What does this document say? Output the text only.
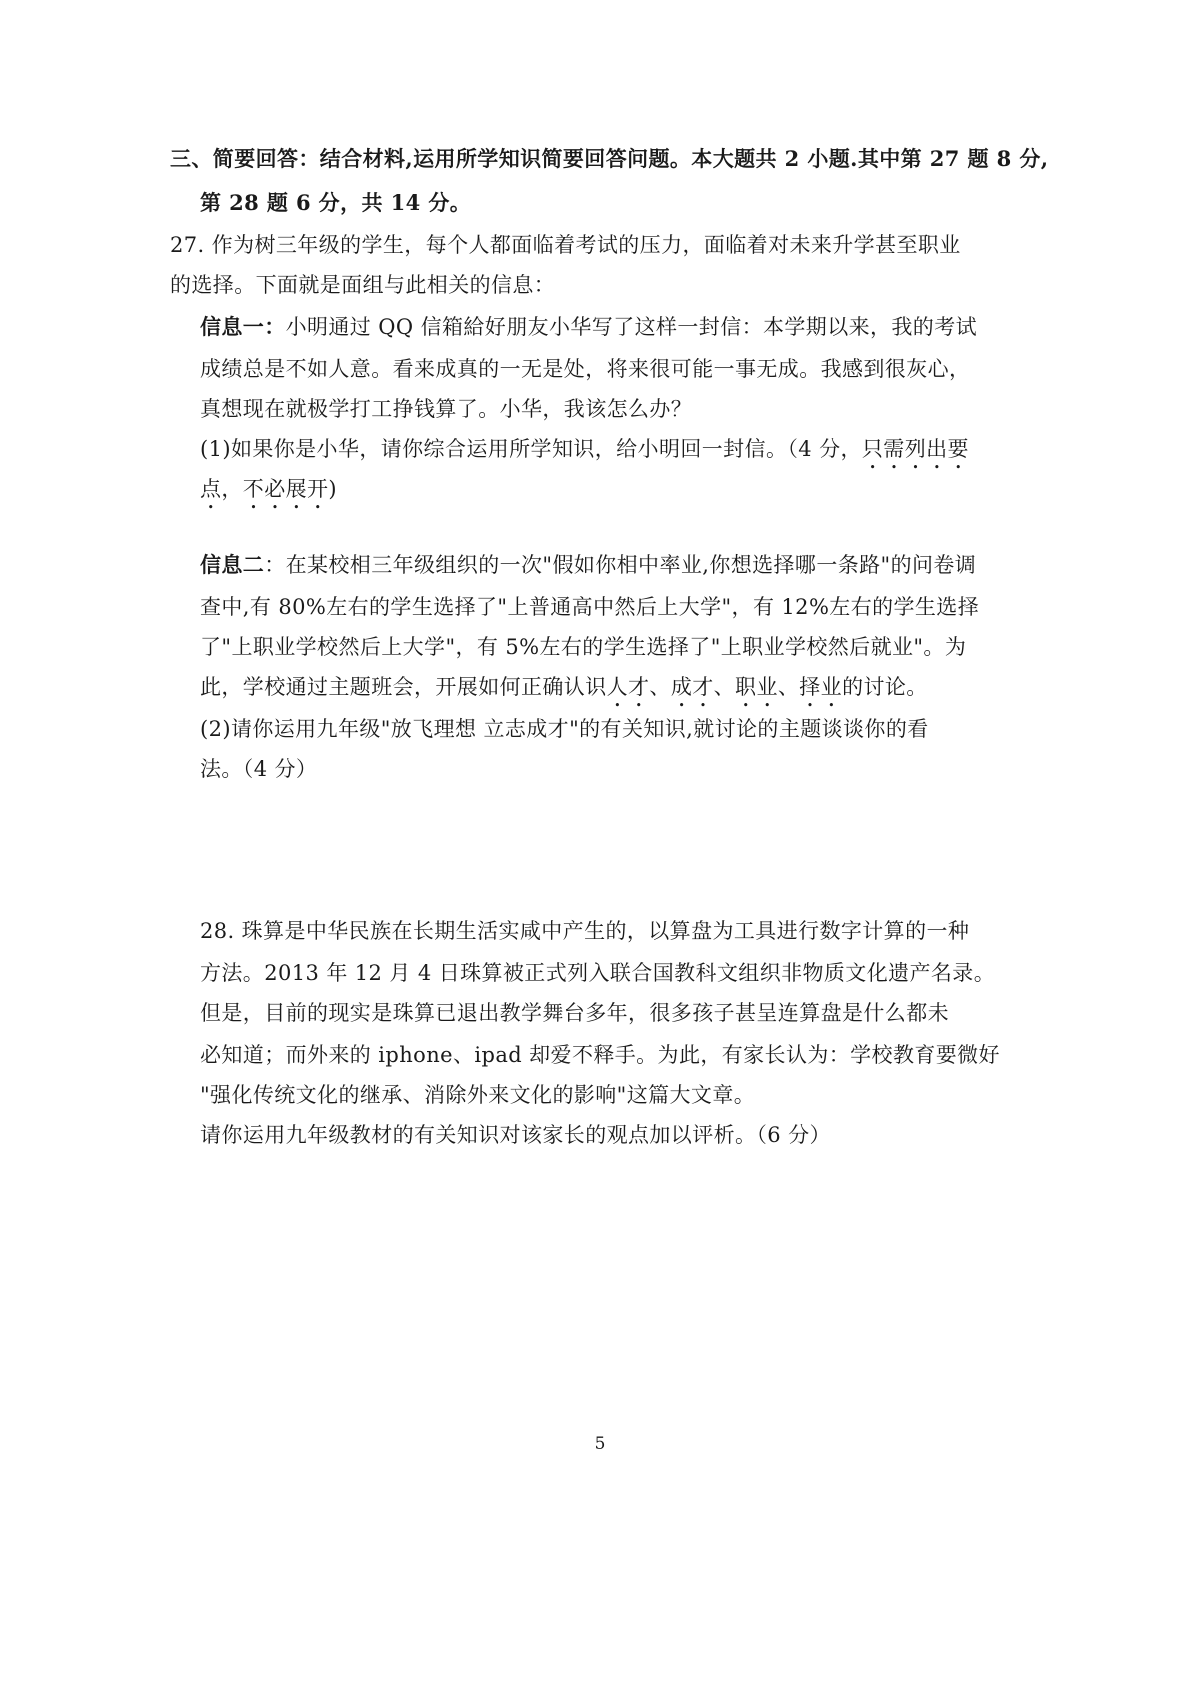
三、简要回答：结合材料,运用所学知识简要回答问题。本大题共 2 小题.其中第 27 题 8 分,
第 28 题 6 分，共 14 分。
27. 作为树三年级的学生，每个人都面临着考试的压力，面临着对未来升学甚至职业
的选择。下面就是面组与此相关的信息：
信息一：小明通过 QQ 信箱給好朋友小华写了这样一封信：本学期以来，我的考试
成绩总是不如人意。看来成真的一无是处，将来很可能一事无成。我感到很灰心，
真想现在就极学打工挣钱算了。小华，我该怎么办？
(1)如果你是小华，请你综合运用所学知识，给小明回一封信。（4 分，只需列出要
点，不必展开)
信息二：在某校相三年级组织的一次"假如你相中率业,你想选择哪一条路"的问卷调
查中,有 80%左右的学生选择了"上普通高中然后上大学"，有 12%左右的学生选择
了"上职业学校然后上大学"，有 5%左右的学生选择了"上职业学校然后就业"。为
此，学校通过主题班会，开展如何正确认识人才、成才、职业、择业的讨论。
(2)请你运用九年级"放飞理想 立志成才"的有关知识,就讨论的主题谈谈你的看
法。（4 分）
28. 珠算是中华民族在长期生活实咸中产生的，以算盘为工具进行数字计算的一种
方法。2013 年 12 月 4 日珠算被正式列入联合国教科文组织非物质文化遗产名录。
但是，目前的现实是珠算已退出教学舞台多年，很多孩子甚呈连算盘是什么都未
必知道；而外来的 iphone、ipad 却爱不释手。为此，有家长认为：学校教育要微好
"强化传统文化的继承、消除外来文化的影响"这篇大文章。
请你运用九年级教材的有关知识对该家长的观点加以评析。（6 分）
5
